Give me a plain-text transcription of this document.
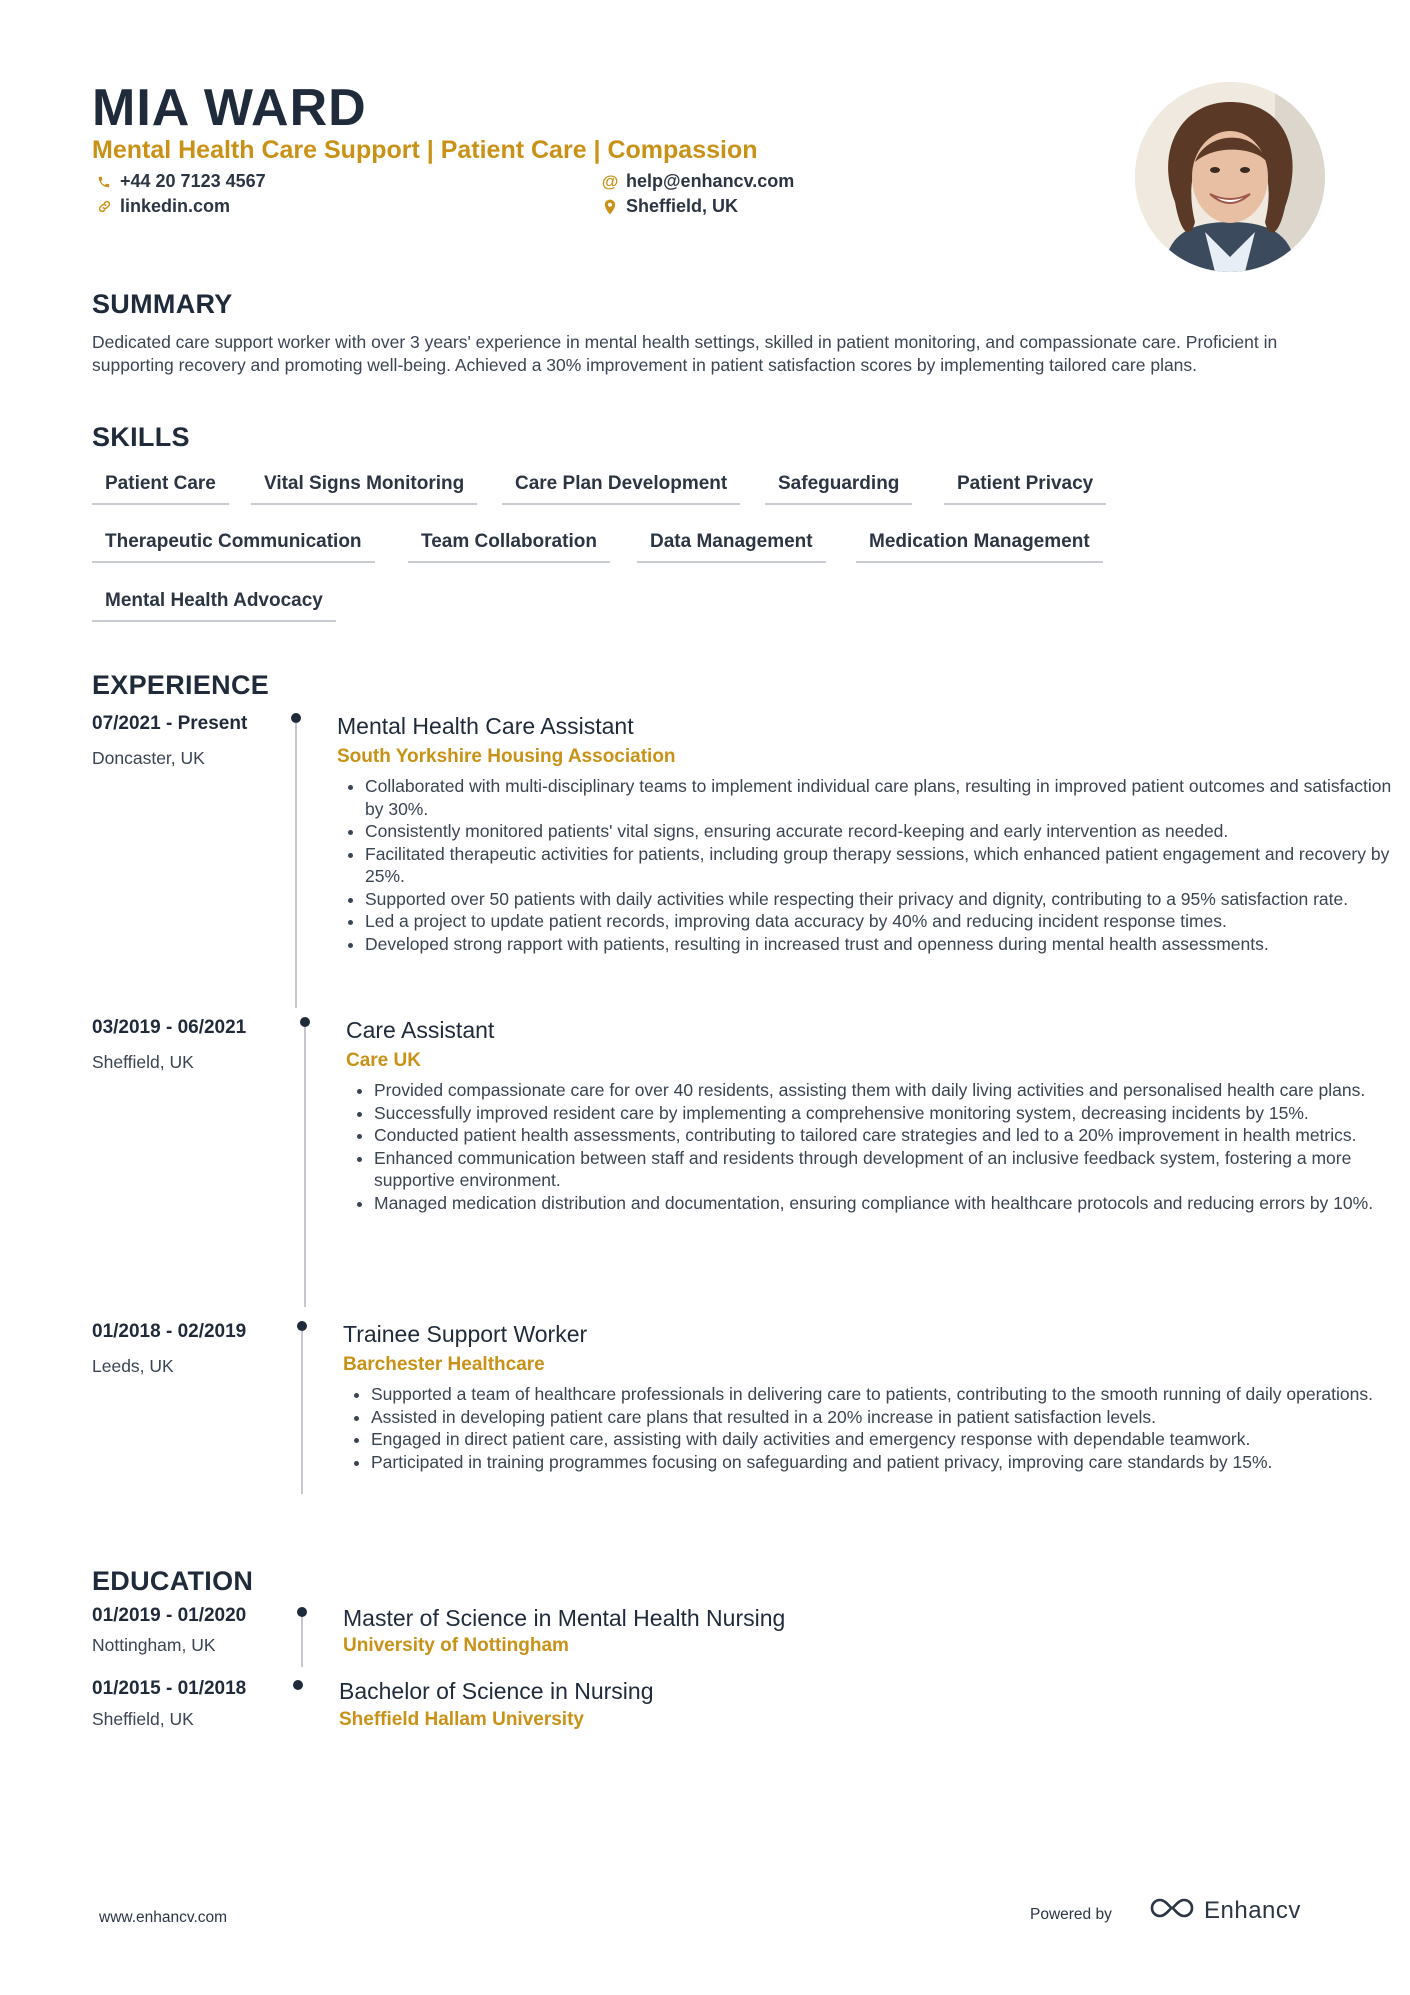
MIA WARD
Mental Health Care Support | Patient Care | Compassion
+44 20 7123 4567	@ help@enhancv.com
linkedin.com	Sheffield, UK
SUMMARY
Dedicated care support worker with over 3 years' experience in mental health settings, skilled in patient monitoring, and compassionate care. Proficient in supporting recovery and promoting well-being. Achieved a 30% improvement in patient satisfaction scores by implementing tailored care plans.
SKILLS
Patient Care	Vital Signs Monitoring	Care Plan Development	Safeguarding	Patient Privacy
Therapeutic Communication	Team Collaboration	Data Management	Medication Management
Mental Health Advocacy
EXPERIENCE
07/2021 - Present
Doncaster, UK
Mental Health Care Assistant
South Yorkshire Housing Association
• Collaborated with multi-disciplinary teams to implement individual care plans, resulting in improved patient outcomes and satisfaction by 30%.
• Consistently monitored patients' vital signs, ensuring accurate record-keeping and early intervention as needed.
• Facilitated therapeutic activities for patients, including group therapy sessions, which enhanced patient engagement and recovery by 25%.
• Supported over 50 patients with daily activities while respecting their privacy and dignity, contributing to a 95% satisfaction rate.
• Led a project to update patient records, improving data accuracy by 40% and reducing incident response times.
• Developed strong rapport with patients, resulting in increased trust and openness during mental health assessments.
03/2019 - 06/2021
Sheffield, UK
Care Assistant
Care UK
• Provided compassionate care for over 40 residents, assisting them with daily living activities and personalised health care plans.
• Successfully improved resident care by implementing a comprehensive monitoring system, decreasing incidents by 15%.
• Conducted patient health assessments, contributing to tailored care strategies and led to a 20% improvement in health metrics.
• Enhanced communication between staff and residents through development of an inclusive feedback system, fostering a more supportive environment.
• Managed medication distribution and documentation, ensuring compliance with healthcare protocols and reducing errors by 10%.
01/2018 - 02/2019
Leeds, UK
Trainee Support Worker
Barchester Healthcare
• Supported a team of healthcare professionals in delivering care to patients, contributing to the smooth running of daily operations.
• Assisted in developing patient care plans that resulted in a 20% increase in patient satisfaction levels.
• Engaged in direct patient care, assisting with daily activities and emergency response with dependable teamwork.
• Participated in training programmes focusing on safeguarding and patient privacy, improving care standards by 15%.
EDUCATION
01/2019 - 01/2020
Nottingham, UK
Master of Science in Mental Health Nursing
University of Nottingham
01/2015 - 01/2018
Sheffield, UK
Bachelor of Science in Nursing
Sheffield Hallam University
www.enhancv.com	Powered by	Enhancv
